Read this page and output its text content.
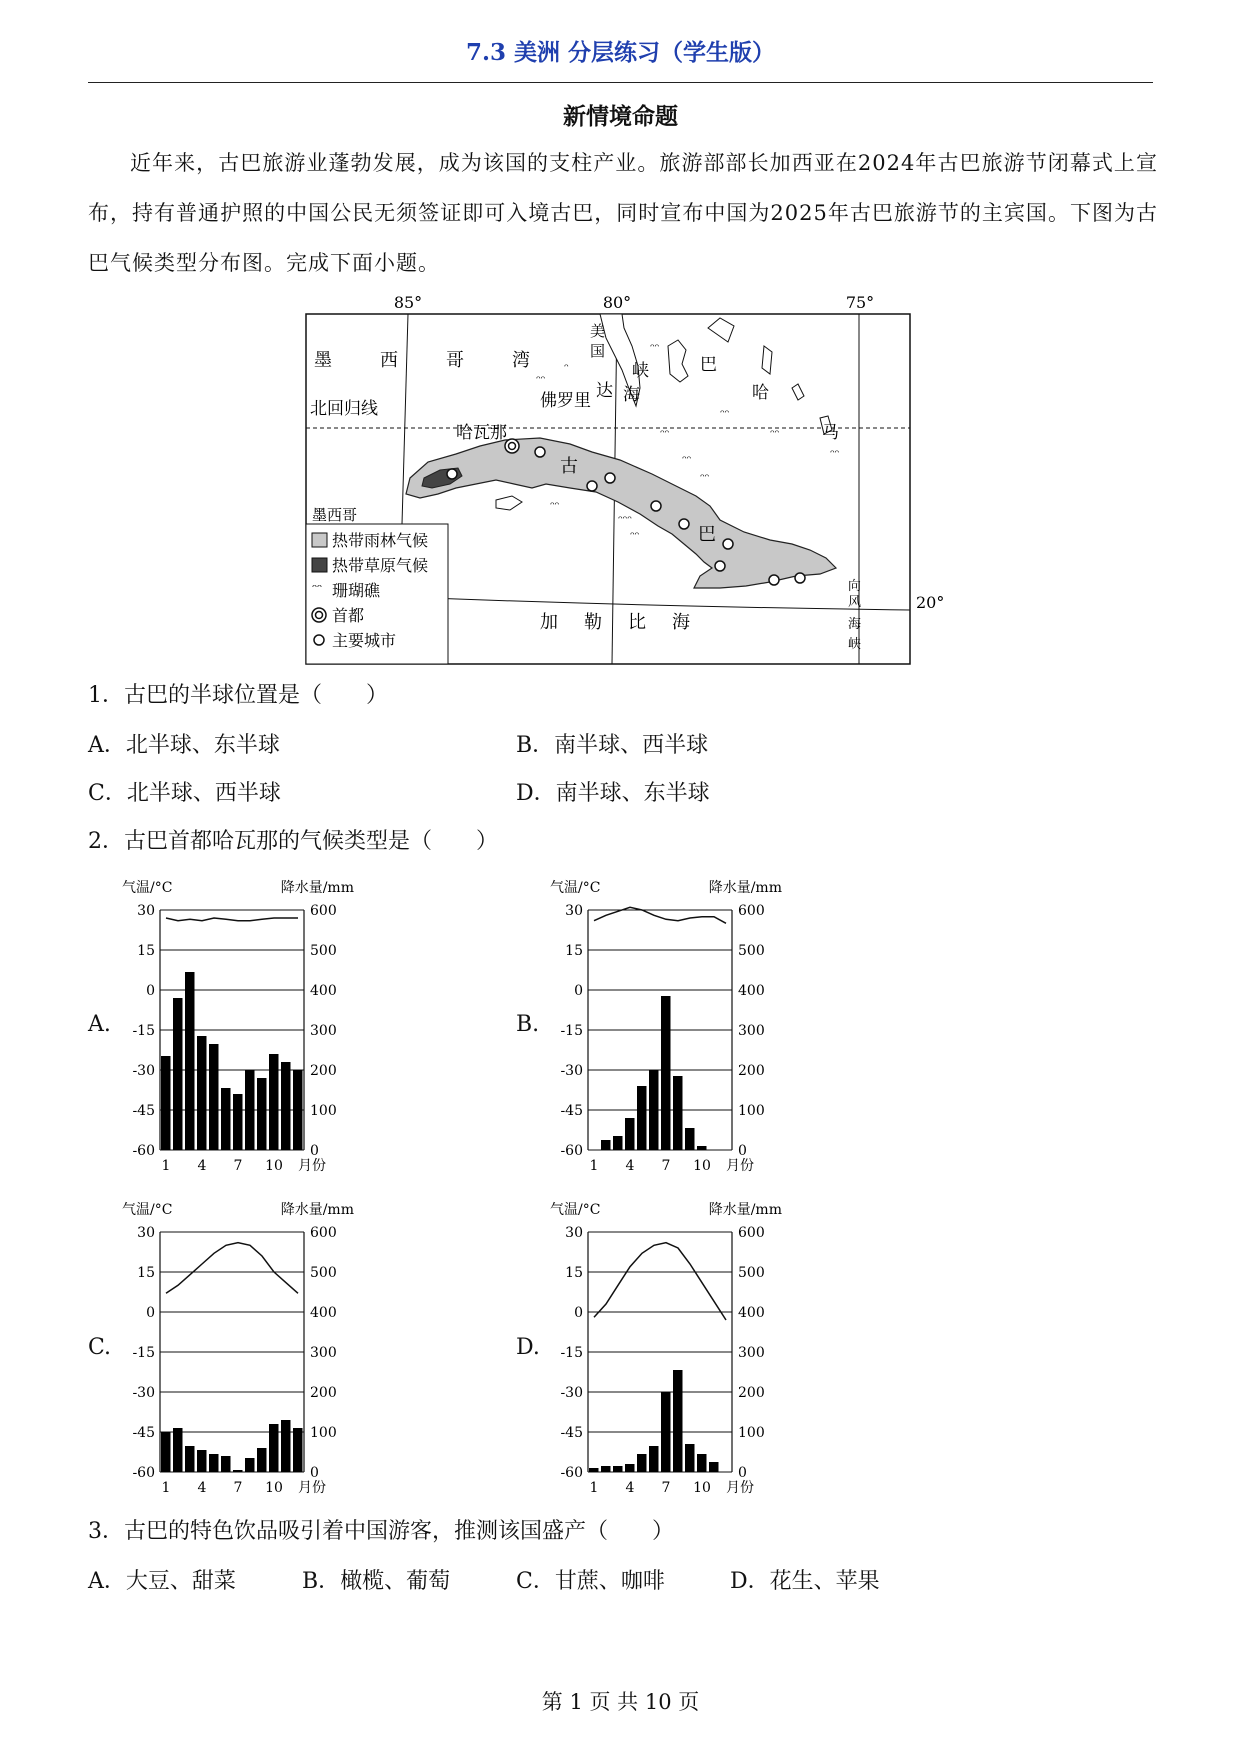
7.3 美洲 分层练习（学生版）
新情境命题
近年来，古巴旅游业蓬勃发展，成为该国的支柱产业。旅游部部长加西亚在2024年古巴旅游节闭幕式上宣布，持有普通护照的中国公民无须签证即可入境古巴，同时宣布中国为2025年古巴旅游节的主宾国。下图为古巴气候类型分布图。完成下面小题。
85°	80°	75°
20°
墨	西	哥	湾
北回归线
美
国
佛罗里 达 海
峡	巴
哈
马
ᵔᵔ
ᵔ
ᵔᵔ
ᵔᵔ
ᵔᵔ
ᵔᵔ
ᵔᵔᵔ
ᵔᵔ
ᵔᵔ
ᵔᵔ
ᵔᵔ
ᵔᵔ
哈瓦那
古
巴
加 勒 比 海
向
风
海
峡
墨西哥
热带雨林气候
热带草原气候
ᵔᵔ 珊瑚礁
首都
主要城市
1．古巴的半球位置是（　　）
A．北半球、东半球	B．南半球、西半球
C．北半球、西半球	D．南半球、东半球
2．古巴首都哈瓦那的气候类型是（　　）
A.	B.
C.	D.
气温/°C	降水量/mm
30	600
15	500
0	400
-15	300
-30	200
-45	100
-60	0
1 4 7 10 月份
气温/°C	降水量/mm
30	600
15	500
0	400
-15	300
-30	200
-45	100
-60	0
1 4 7 10 月份
气温/°C	降水量/mm
30	600
15	500
0	400
-15	300
-30	200
-45	100
-60	0
1 4 7 10 月份
气温/°C	降水量/mm
30	600
15	500
0	400
-15	300
-30	200
-45	100
-60	0
1 4 7 10 月份
3．古巴的特色饮品吸引着中国游客，推测该国盛产（　　）
A．大豆、甜菜	B．橄榄、葡萄	C．甘蔗、咖啡	D．花生、苹果
第 1 页 共 10 页
